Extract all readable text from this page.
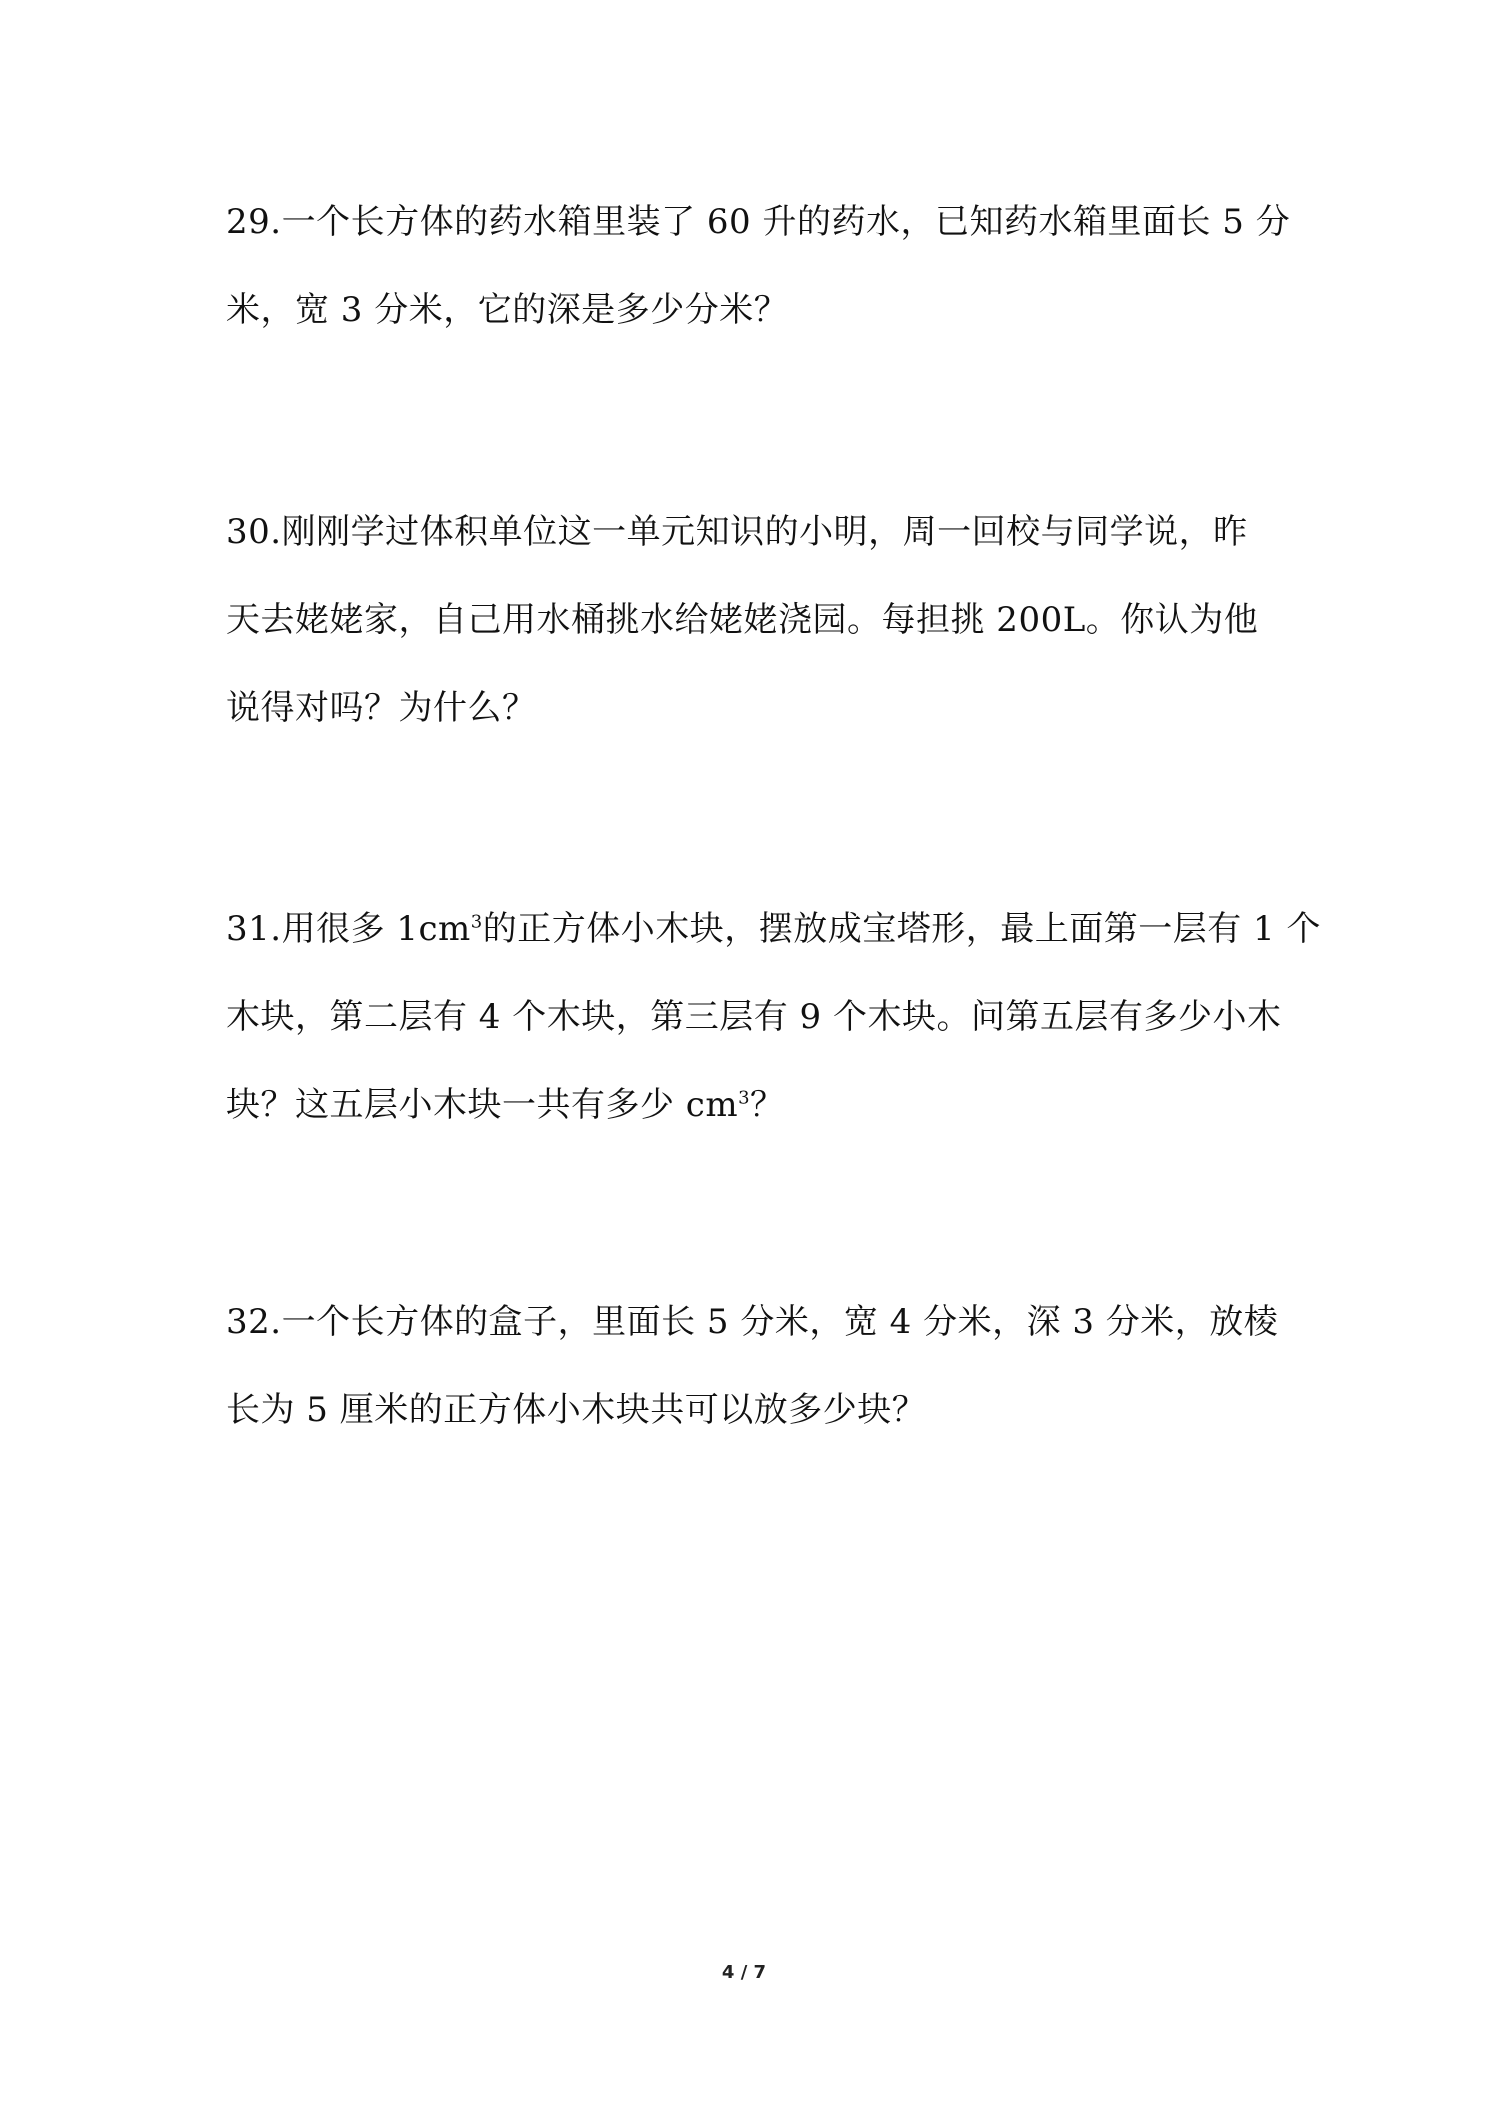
29.一个长方体的药水箱里装了 60 升的药水，已知药水箱里面长 5 分
米，宽 3 分米，它的深是多少分米？
30.刚刚学过体积单位这一单元知识的小明，周一回校与同学说，昨
天去姥姥家，自己用水桶挑水给姥姥浇园。每担挑 200L。你认为他
说得对吗？为什么？
31.用很多 $1cm^3$的正方体小木块，摆放成宝塔形，最上面第一层有 1 个
木块，第二层有 4 个木块，第三层有 9 个木块。问第五层有多少小木
块？这五层小木块一共有多少 $cm^3$？
32.一个长方体的盒子，里面长 5 分米，宽 4 分米，深 3 分米，放棱
长为 5 厘米的正方体小木块共可以放多少块？
4 / 7
